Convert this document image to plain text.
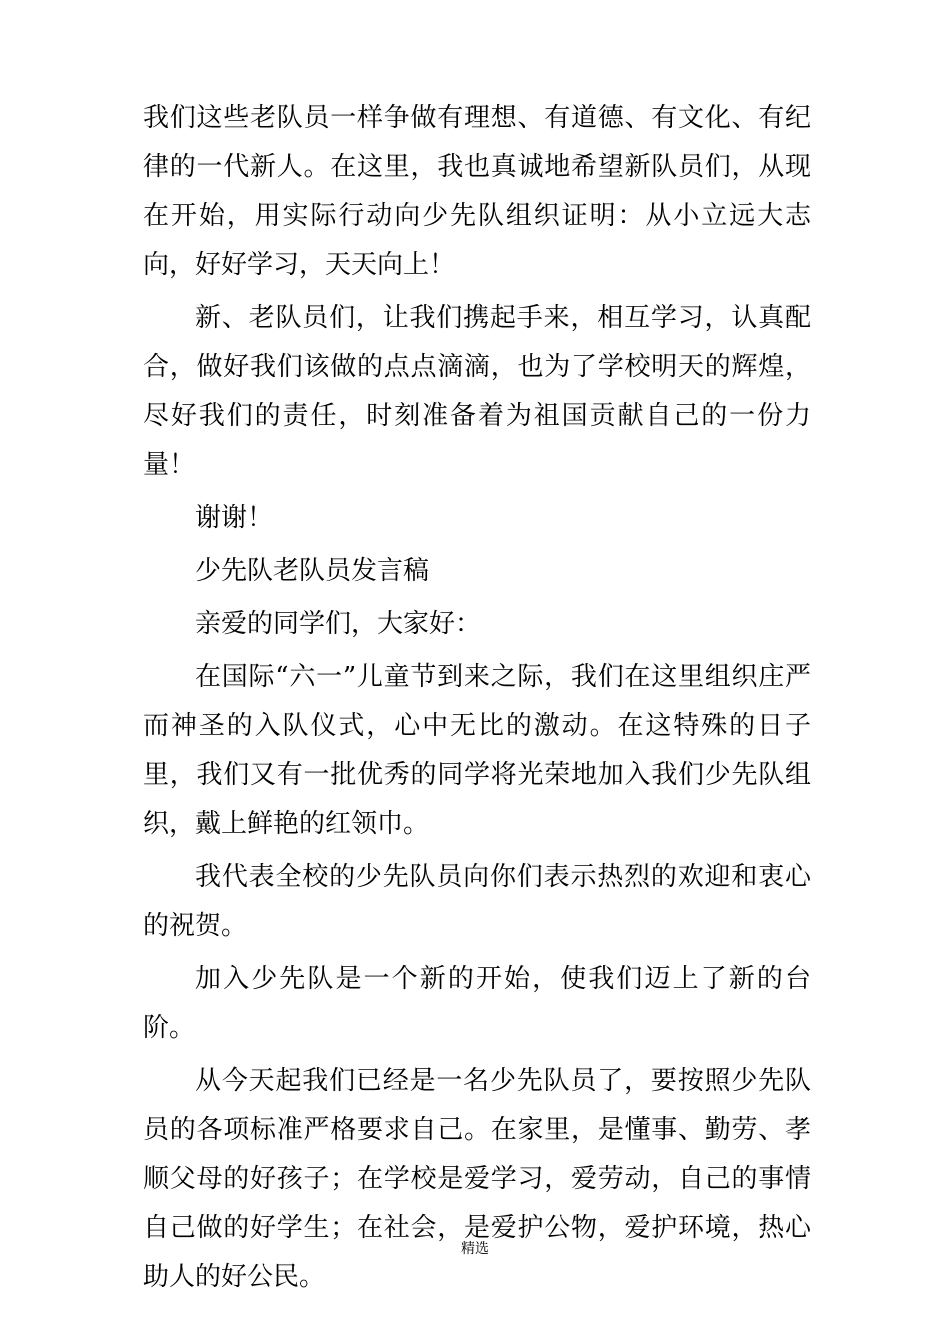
我们这些老队员一样争做有理想、有道德、有文化、有纪律的一代新人。在这里，我也真诚地希望新队员们，从现在开始，用实际行动向少先队组织证明：从小立远大志向，好好学习，天天向上！

新、老队员们，让我们携起手来，相互学习，认真配合，做好我们该做的点点滴滴，也为了学校明天的辉煌，尽好我们的责任，时刻准备着为祖国贡献自己的一份力量！

谢谢！

少先队老队员发言稿

亲爱的同学们，大家好：

在国际“六一”儿童节到来之际，我们在这里组织庄严而神圣的入队仪式，心中无比的激动。在这特殊的日子里，我们又有一批优秀的同学将光荣地加入我们少先队组织，戴上鲜艳的红领巾。

我代表全校的少先队员向你们表示热烈的欢迎和衷心的祝贺。

加入少先队是一个新的开始，使我们迈上了新的台阶。

从今天起我们已经是一名少先队员了，要按照少先队员的各项标准严格要求自己。在家里，是懂事、勤劳、孝顺父母的好孩子；在学校是爱学习，爱劳动，自己的事情自己做的好学生；在社会，是爱护公物，爱护环境，热心助人的好公民。

精选
